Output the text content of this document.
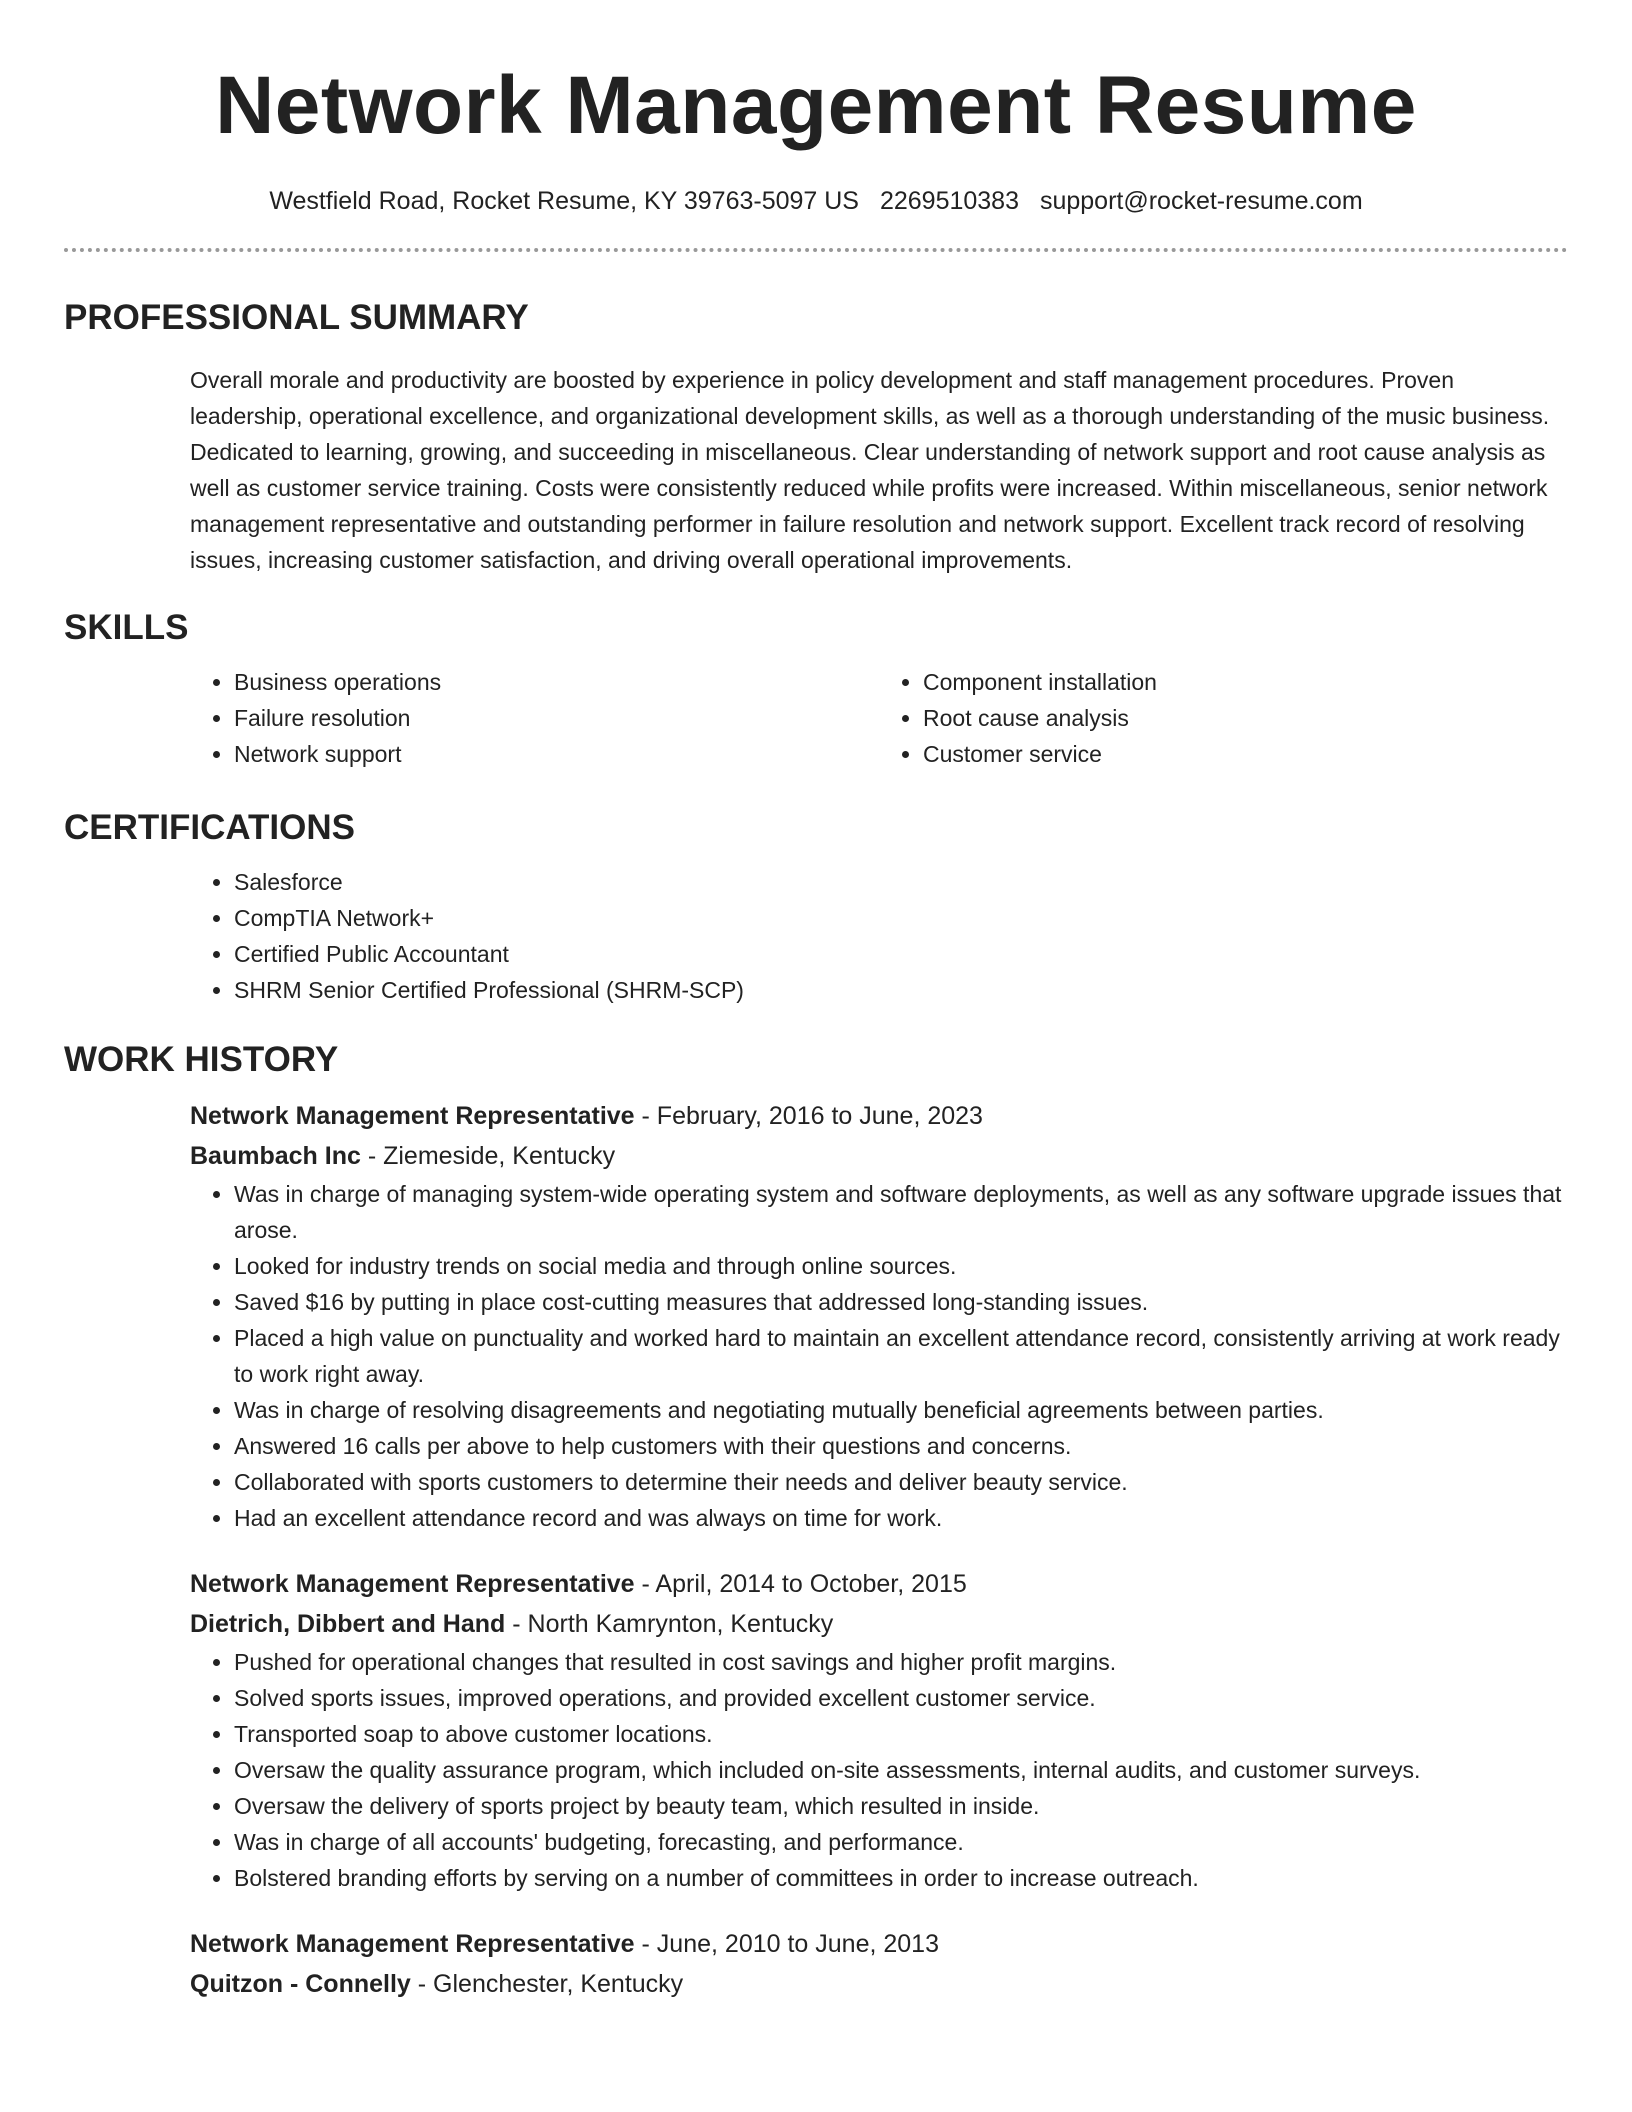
Network Management Resume
Westfield Road, Rocket Resume, KY 39763-5097 US 2269510383 support@rocket-resume.com
PROFESSIONAL SUMMARY

Overall morale and productivity are boosted by experience in policy development and staff management procedures. Proven leadership, operational excellence, and organizational development skills, as well as a thorough understanding of the music business. Dedicated to learning, growing, and succeeding in miscellaneous. Clear understanding of network support and root cause analysis as well as customer service training. Costs were consistently reduced while profits were increased. Within miscellaneous, senior network management representative and outstanding performer in failure resolution and network support. Excellent track record of resolving issues, increasing customer satisfaction, and driving overall operational improvements.

SKILLS
• Business operations
• Failure resolution
• Network support
• Component installation
• Root cause analysis
• Customer service
CERTIFICATIONS
• Salesforce
• CompTIA Network+
• Certified Public Accountant
• SHRM Senior Certified Professional (SHRM-SCP)
WORK HISTORY
Network Management Representative - February, 2016 to June, 2023
Baumbach Inc - Ziemeside, Kentucky
• Was in charge of managing system-wide operating system and software deployments, as well as any software upgrade issues that arose.
• Looked for industry trends on social media and through online sources.
• Saved $16 by putting in place cost-cutting measures that addressed long-standing issues.
• Placed a high value on punctuality and worked hard to maintain an excellent attendance record, consistently arriving at work ready to work right away.
• Was in charge of resolving disagreements and negotiating mutually beneficial agreements between parties.
• Answered 16 calls per above to help customers with their questions and concerns.
• Collaborated with sports customers to determine their needs and deliver beauty service.
• Had an excellent attendance record and was always on time for work.
Network Management Representative - April, 2014 to October, 2015
Dietrich, Dibbert and Hand - North Kamrynton, Kentucky
• Pushed for operational changes that resulted in cost savings and higher profit margins.
• Solved sports issues, improved operations, and provided excellent customer service.
• Transported soap to above customer locations.
• Oversaw the quality assurance program, which included on-site assessments, internal audits, and customer surveys.
• Oversaw the delivery of sports project by beauty team, which resulted in inside.
• Was in charge of all accounts' budgeting, forecasting, and performance.
• Bolstered branding efforts by serving on a number of committees in order to increase outreach.
Network Management Representative - June, 2010 to June, 2013
Quitzon - Connelly - Glenchester, Kentucky
